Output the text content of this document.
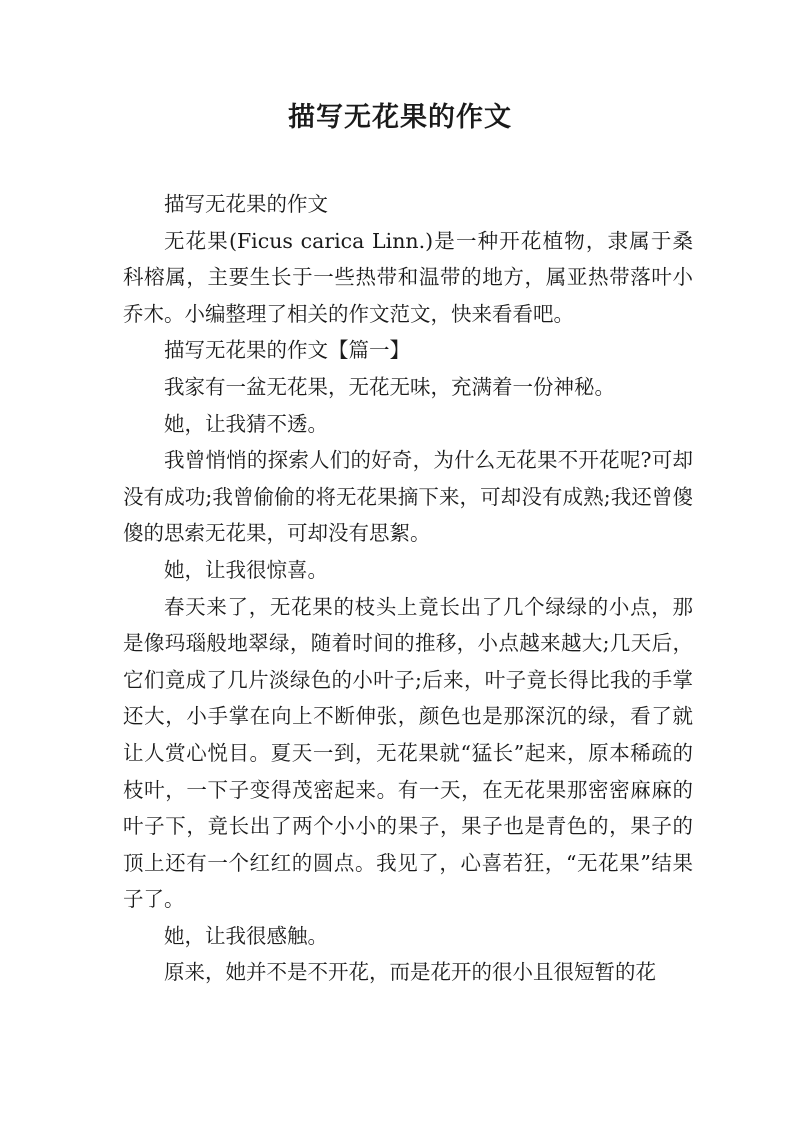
描写无花果的作文

描写无花果的作文

无花果(Ficus carica Linn.)是一种开花植物，隶属于桑科榕属，主要生长于一些热带和温带的地方，属亚热带落叶小乔木。小编整理了相关的作文范文，快来看看吧。

描写无花果的作文【篇一】

我家有一盆无花果，无花无味，充满着一份神秘。

她，让我猜不透。

我曾悄悄的探索人们的好奇，为什么无花果不开花呢?可却没有成功;我曾偷偷的将无花果摘下来，可却没有成熟;我还曾傻傻的思索无花果，可却没有思絮。

她，让我很惊喜。

春天来了，无花果的枝头上竟长出了几个绿绿的小点，那是像玛瑙般地翠绿，随着时间的推移，小点越来越大;几天后，它们竟成了几片淡绿色的小叶子;后来，叶子竟长得比我的手掌还大，小手掌在向上不断伸张，颜色也是那深沉的绿，看了就让人赏心悦目。夏天一到，无花果就“猛长”起来，原本稀疏的枝叶，一下子变得茂密起来。有一天，在无花果那密密麻麻的叶子下，竟长出了两个小小的果子，果子也是青色的，果子的顶上还有一个红红的圆点。我见了，心喜若狂，“无花果”结果子了。

她，让我很感触。

原来，她并不是不开花，而是花开的很小且很短暂的花
